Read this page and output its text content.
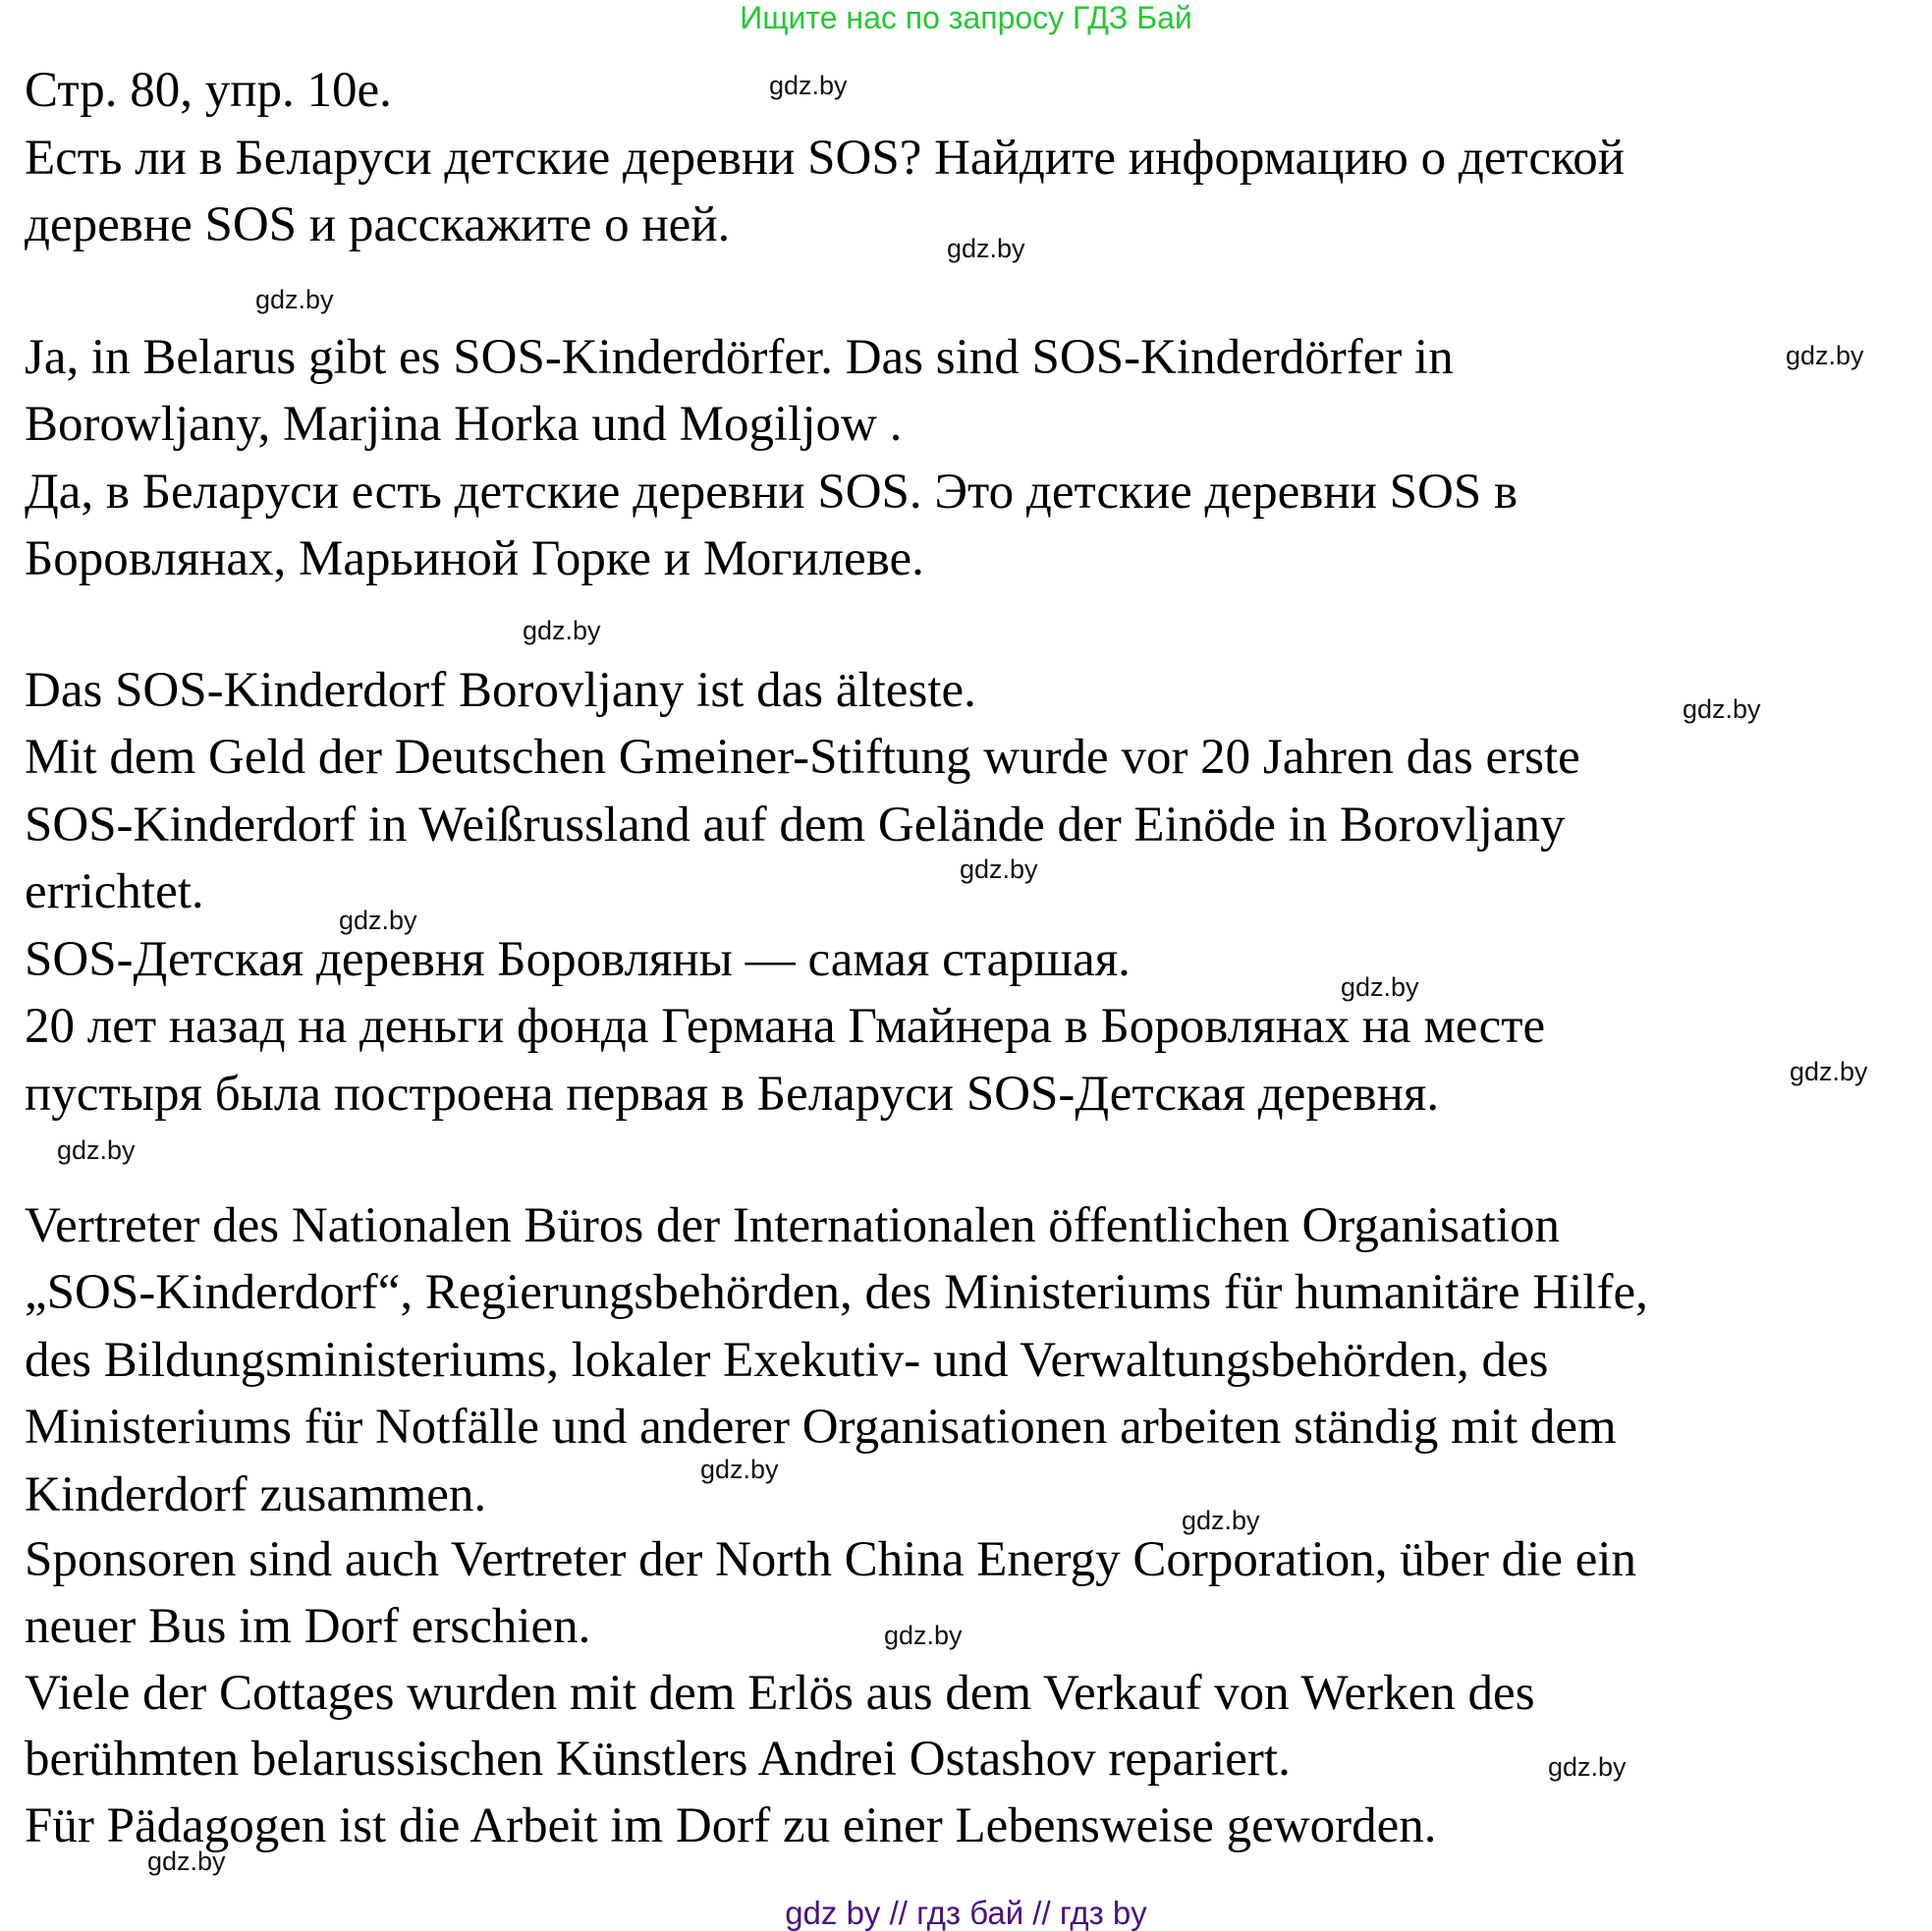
Ищите нас по запросу ГДЗ Бай
Стр. 80, упр. 10е.
Есть ли в Беларуси детские деревни SOS? Найдите информацию о детской
деревне SOS и расскажите о ней.
Ja, in Belarus gibt es SOS-Kinderdörfer. Das sind SOS-Kinderdörfer in
Borowljany, Marjina Horka und Mogiljow .
Да, в Беларуси есть детские деревни SOS. Это детские деревни SOS в
Боровлянах, Марьиной Горке и Могилеве.
Das SOS-Kinderdorf Borovljany ist das älteste.
Mit dem Geld der Deutschen Gmeiner-Stiftung wurde vor 20 Jahren das erste
SOS-Kinderdorf in Weißrussland auf dem Gelände der Einöde in Borovljany
errichtet.
SOS-Детская деревня Боровляны — самая старшая.
20 лет назад на деньги фонда Германа Гмайнера в Боровлянах на месте
пустыря была построена первая в Беларуси SOS-Детская деревня.
Vertreter des Nationalen Büros der Internationalen öffentlichen Organisation
„SOS-Kinderdorf“, Regierungsbehörden, des Ministeriums für humanitäre Hilfe,
des Bildungsministeriums, lokaler Exekutiv- und Verwaltungsbehörden, des
Ministeriums für Notfälle und anderer Organisationen arbeiten ständig mit dem
Kinderdorf zusammen.
Sponsoren sind auch Vertreter der North China Energy Corporation, über die ein
neuer Bus im Dorf erschien.
Viele der Cottages wurden mit dem Erlös aus dem Verkauf von Werken des
berühmten belarussischen Künstlers Andrei Ostashov repariert.
Für Pädagogen ist die Arbeit im Dorf zu einer Lebensweise geworden.
gdz.by
gdz.by
gdz.by
gdz.by
gdz.by
gdz.by
gdz.by
gdz.by
gdz.by
gdz.by
gdz.by
gdz.by
gdz.by
gdz.by
gdz.by
gdz.by
gdz by // гдз бай // гдз by
